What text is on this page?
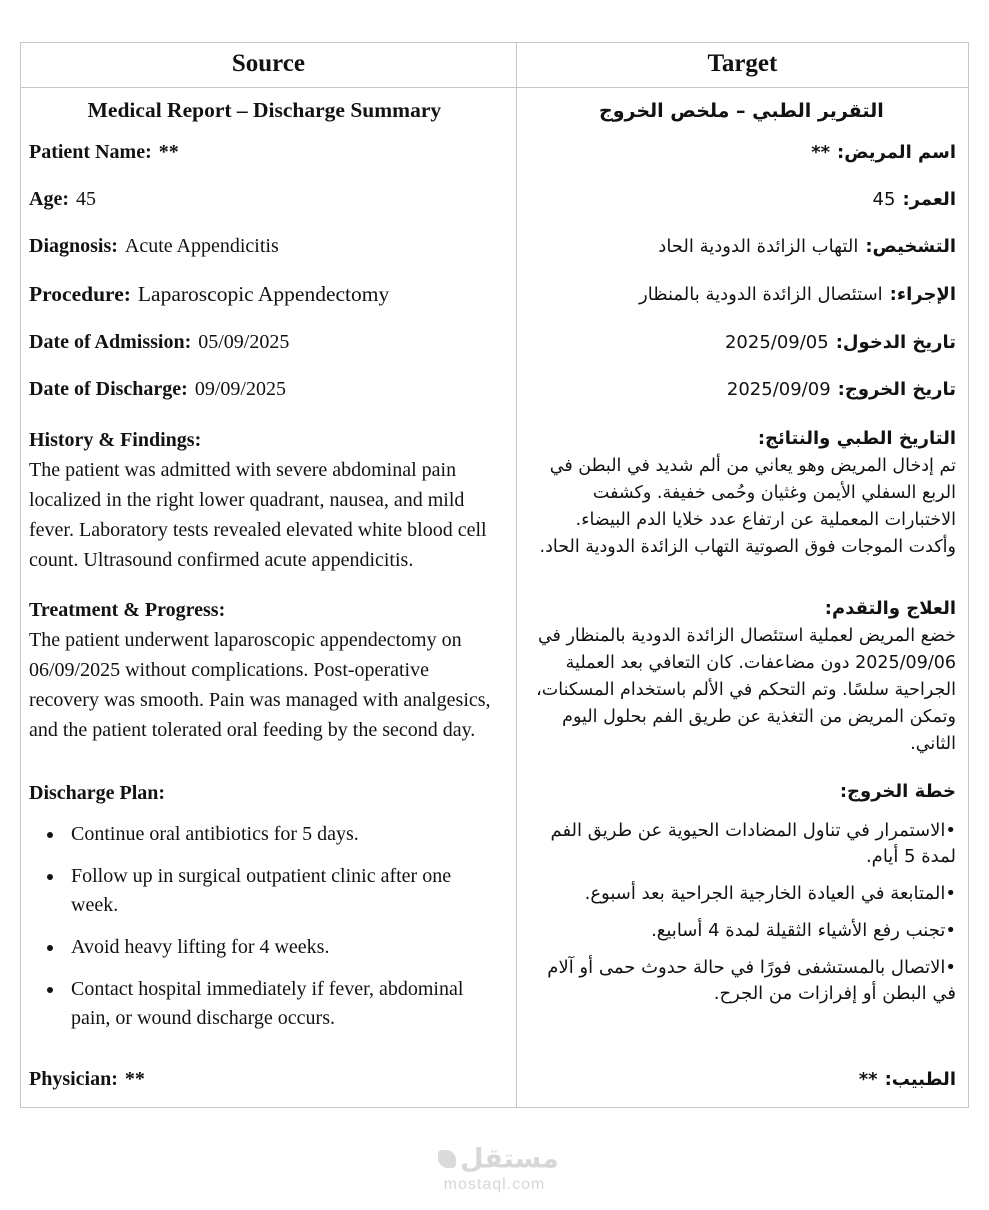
Source	Target
Medical Report – Discharge Summary	التقرير الطبي – ملخص الخروج
Patient Name: **	اسم المريض:**
Age: 45	العمر:45
Diagnosis: Acute Appendicitis	التشخيص:التهاب الزائدة الدودية الحاد
Procedure: Laparoscopic Appendectomy	الإجراء:استئصال الزائدة الدودية بالمنظار
Date of Admission: 05/09/2025	تاريخ الدخول:2025/09/05
Date of Discharge: 09/09/2025	تاريخ الخروج:2025/09/09

History & Findings:
The patient was admitted with severe abdominal pain localized in the right lower quadrant, nausea, and mild fever. Laboratory tests revealed elevated white blood cell count. Ultrasound confirmed acute appendicitis.

التاريخ الطبي والنتائج:
تم إدخال المريض وهو يعاني من ألم شديد في البطن في الربع السفلي الأيمن وغثيان وحُمى خفيفة. وكشفت الاختبارات المعملية عن ارتفاع عدد خلايا الدم البيضاء. وأكدت الموجات فوق الصوتية التهاب الزائدة الدودية الحاد.

Treatment & Progress:
The patient underwent laparoscopic appendectomy on 06/09/2025 without complications. Post-operative recovery was smooth. Pain was managed with analgesics, and the patient tolerated oral feeding by the second day.

العلاج والتقدم:
خضع المريض لعملية استئصال الزائدة الدودية بالمنظار في 2025/09/06 دون مضاعفات. كان التعافي بعد العملية الجراحية سلسًا. وتم التحكم في الألم باستخدام المسكنات، وتمكن المريض من التغذية عن طريق الفم بحلول اليوم الثاني.

Discharge Plan:
• Continue oral antibiotics for 5 days.
• Follow up in surgical outpatient clinic after one week.
• Avoid heavy lifting for 4 weeks.
• Contact hospital immediately if fever, abdominal pain, or wound discharge occurs.

خطة الخروج:
• الاستمرار في تناول المضادات الحيوية عن طريق الفم لمدة 5 أيام.
• المتابعة في العيادة الخارجية الجراحية بعد أسبوع.
• تجنب رفع الأشياء الثقيلة لمدة 4 أسابيع.
• الاتصال بالمستشفى فورًا في حالة حدوث حمى أو آلام في البطن أو إفرازات من الجرح.

Physician: **	الطبيب:**
مستقل
mostaql.com
